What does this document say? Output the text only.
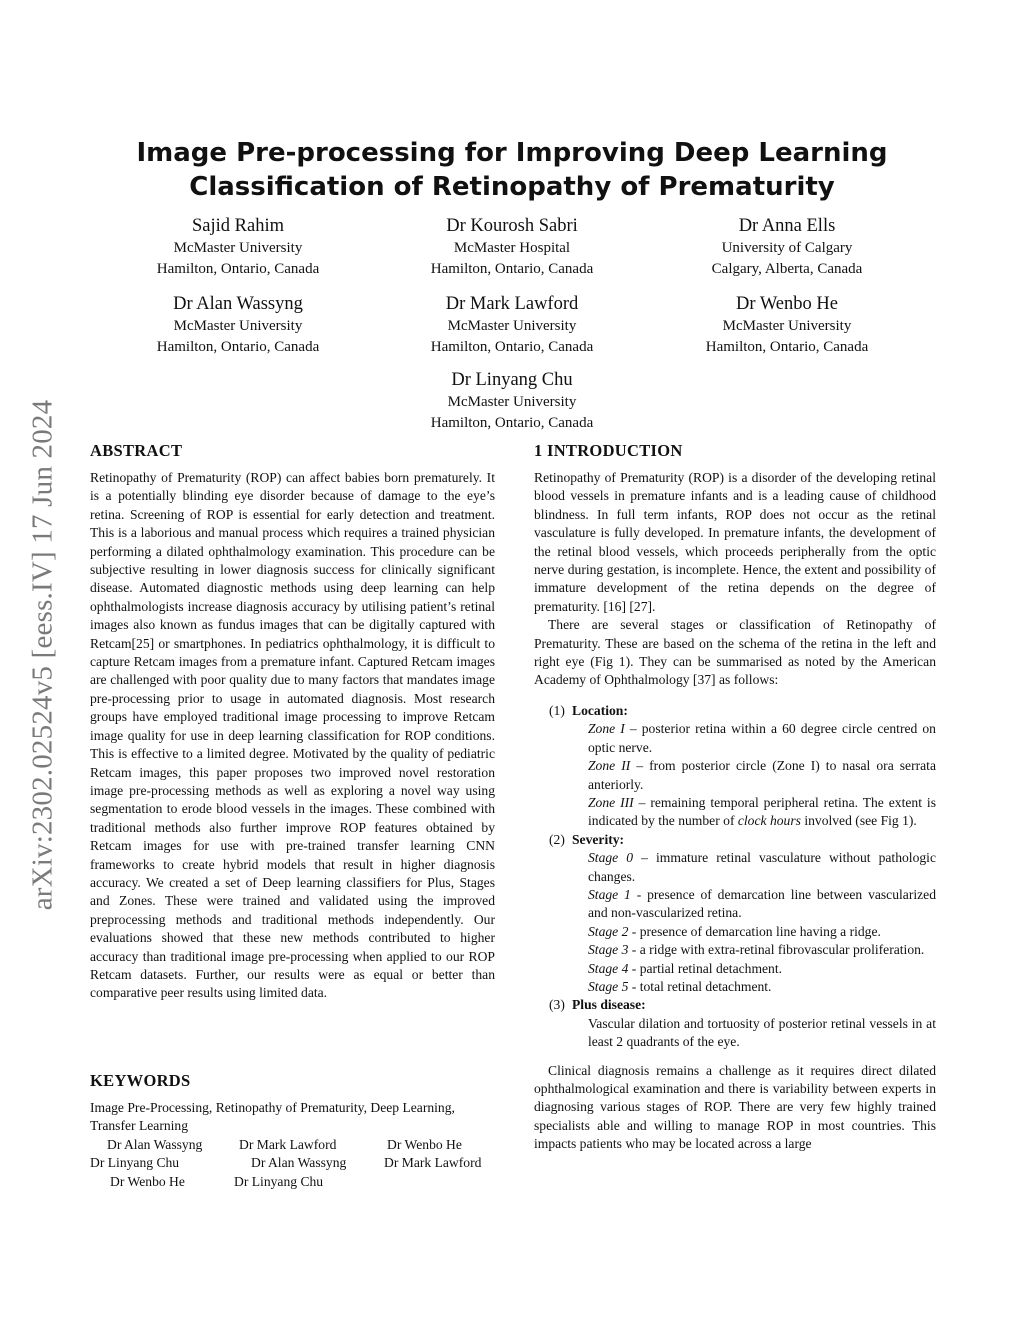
arXiv:2302.02524v5 [eess.IV] 17 Jun 2024
Image Pre-processing for Improving Deep Learning Classification of Retinopathy of Prematurity
Sajid Rahim
McMaster University
Hamilton, Ontario, Canada
Dr Kourosh Sabri
McMaster Hospital
Hamilton, Ontario, Canada
Dr Anna Ells
University of Calgary
Calgary, Alberta, Canada
Dr Alan Wassyng
McMaster University
Hamilton, Ontario, Canada
Dr Mark Lawford
McMaster University
Hamilton, Ontario, Canada
Dr Wenbo He
McMaster University
Hamilton, Ontario, Canada
Dr Linyang Chu
McMaster University
Hamilton, Ontario, Canada
ABSTRACT

Retinopathy of Prematurity (ROP) can affect babies born prematurely. It is a potentially blinding eye disorder because of damage to the eye’s retina. Screening of ROP is essential for early detection and treatment. This is a laborious and manual process which requires a trained physician performing a dilated ophthalmology examination. This procedure can be subjective resulting in lower diagnosis success for clinically significant disease. Automated diagnostic methods using deep learning can help ophthalmologists increase diagnosis accuracy by utilising patient’s retinal images also known as fundus images that can be digitally captured with Retcam[25] or smartphones. In pediatrics ophthalmology, it is difficult to capture Retcam images from a premature infant. Captured Retcam images are challenged with poor quality due to many factors that mandates image pre-processing prior to usage in automated diagnosis. Most research groups have employed traditional image processing to improve Retcam image quality for use in deep learning classification for ROP conditions. This is effective to a limited degree. Motivated by the quality of pediatric Retcam images, this paper proposes two improved novel restoration image pre-processing methods as well as exploring a novel way using segmentation to erode blood vessels in the images. These combined with traditional methods also further improve ROP features obtained by Retcam images for use with pre-trained transfer learning CNN frameworks to create hybrid models that result in higher diagnosis accuracy. We created a set of Deep learning classifiers for Plus, Stages and Zones. These were trained and validated using the improved preprocessing methods and traditional methods independently. Our evaluations showed that these new methods contributed to higher accuracy than traditional image pre-processing when applied to our ROP Retcam datasets. Further, our results were as equal or better than comparative peer results using limited data.

KEYWORDS

Image Pre-Processing, Retinopathy of Prematurity, Deep Learning, Transfer Learning

Dr Alan Wassyng	Dr Mark Lawford	Dr Wenbo He

Dr Linyang Chu	Dr Alan Wassyng	Dr Mark Lawford

Dr Wenbo He	Dr Linyang Chu

1 INTRODUCTION

Retinopathy of Prematurity (ROP) is a disorder of the developing retinal blood vessels in premature infants and is a leading cause of childhood blindness. In full term infants, ROP does not occur as the retinal vasculature is fully developed. In premature infants, the development of the retinal blood vessels, which proceeds peripherally from the optic nerve during gestation, is incomplete. Hence, the extent and possibility of immature development of the retina depends on the degree of prematurity. [16] [27].

There are several stages or classification of Retinopathy of Prematurity. These are based on the schema of the retina in the left and right eye (Fig 1). They can be summarised as noted by the American Academy of Ophthalmology [37] as follows:

(1) Location:
Zone I – posterior retina within a 60 degree circle centred on optic nerve.
Zone II – from posterior circle (Zone I) to nasal ora serrata anteriorly.
Zone III – remaining temporal peripheral retina. The extent is indicated by the number of clock hours involved (see Fig 1).
(2) Severity:
Stage 0 – immature retinal vasculature without pathologic changes.
Stage 1 - presence of demarcation line between vascularized and non-vascularized retina.
Stage 2 - presence of demarcation line having a ridge.
Stage 3 - a ridge with extra-retinal fibrovascular proliferation.
Stage 4 - partial retinal detachment.
Stage 5 - total retinal detachment.
(3) Plus disease:
Vascular dilation and tortuosity of posterior retinal vessels in at least 2 quadrants of the eye.

Clinical diagnosis remains a challenge as it requires direct dilated ophthalmological examination and there is variability between experts in diagnosing various stages of ROP. There are very few highly trained specialists able and willing to manage ROP in most countries. This impacts patients who may be located across a large
